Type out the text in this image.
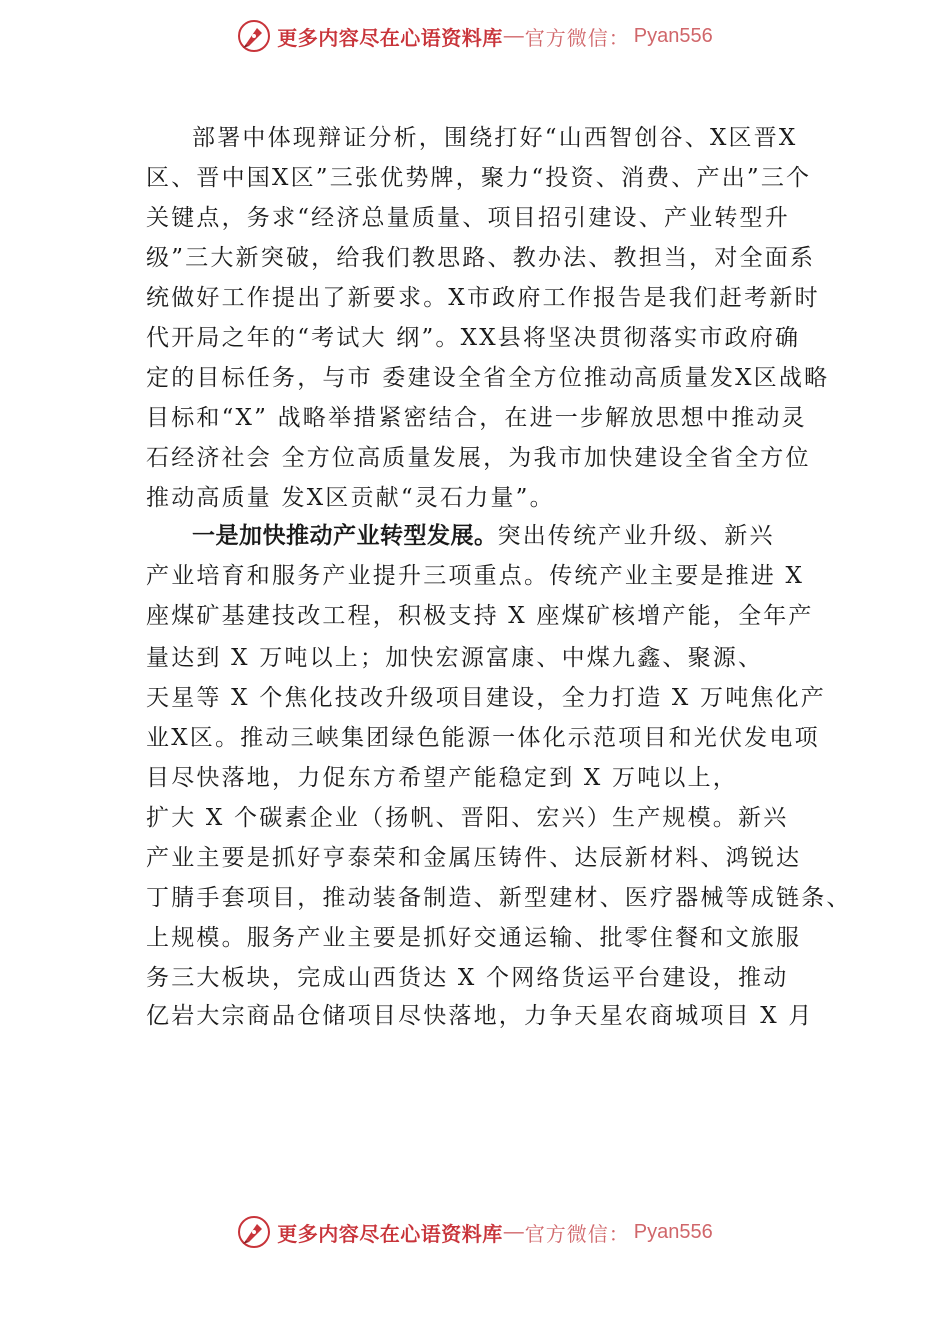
更多内容尽在心语资料库 — 官方微信： Pyan556
部署中体现辩证分析，围绕打好“山西智创谷、X区晋X
区、晋中国X区”三张优势牌，聚力“投资、消费、产出”三个
关键点，务求“经济总量质量、项目招引建设、产业转型升
级”三大新突破，给我们教思路、教办法、教担当，对全面系
统做好工作提出了新要求。X市政府工作报告是我们赶考新时
代开局之年的“考试大 纲”。XX县将坚决贯彻落实市政府确
定的目标任务，与市 委建设全省全方位推动高质量发X区战略
目标和“X” 战略举措紧密结合，在进一步解放思想中推动灵
石经济社会 全方位高质量发展，为我市加快建设全省全方位
推动高质量 发X区贡献“灵石力量”。
一是加快推动产业转型发展。突出传统产业升级、新兴
产业培育和服务产业提升三项重点。传统产业主要是推进 X
座煤矿基建技改工程，积极支持 X 座煤矿核增产能，全年产
量达到 X 万吨以上；加快宏源富康、中煤九鑫、聚源、
天星等 X 个焦化技改升级项目建设，全力打造 X 万吨焦化产
业X区。推动三峡集团绿色能源一体化示范项目和光伏发电项
目尽快落地，力促东方希望产能稳定到 X 万吨以上，
扩大 X 个碳素企业（扬帆、晋阳、宏兴）生产规模。新兴
产业主要是抓好亨泰荣和金属压铸件、达辰新材料、鸿锐达
丁腈手套项目，推动装备制造、新型建材、医疗器械等成链条、
上规模。服务产业主要是抓好交通运输、批零住餐和文旅服
务三大板块，完成山西货达 X 个网络货运平台建设，推动
亿岩大宗商品仓储项目尽快落地，力争天星农商城项目 X 月
更多内容尽在心语资料库 — 官方微信： Pyan556
